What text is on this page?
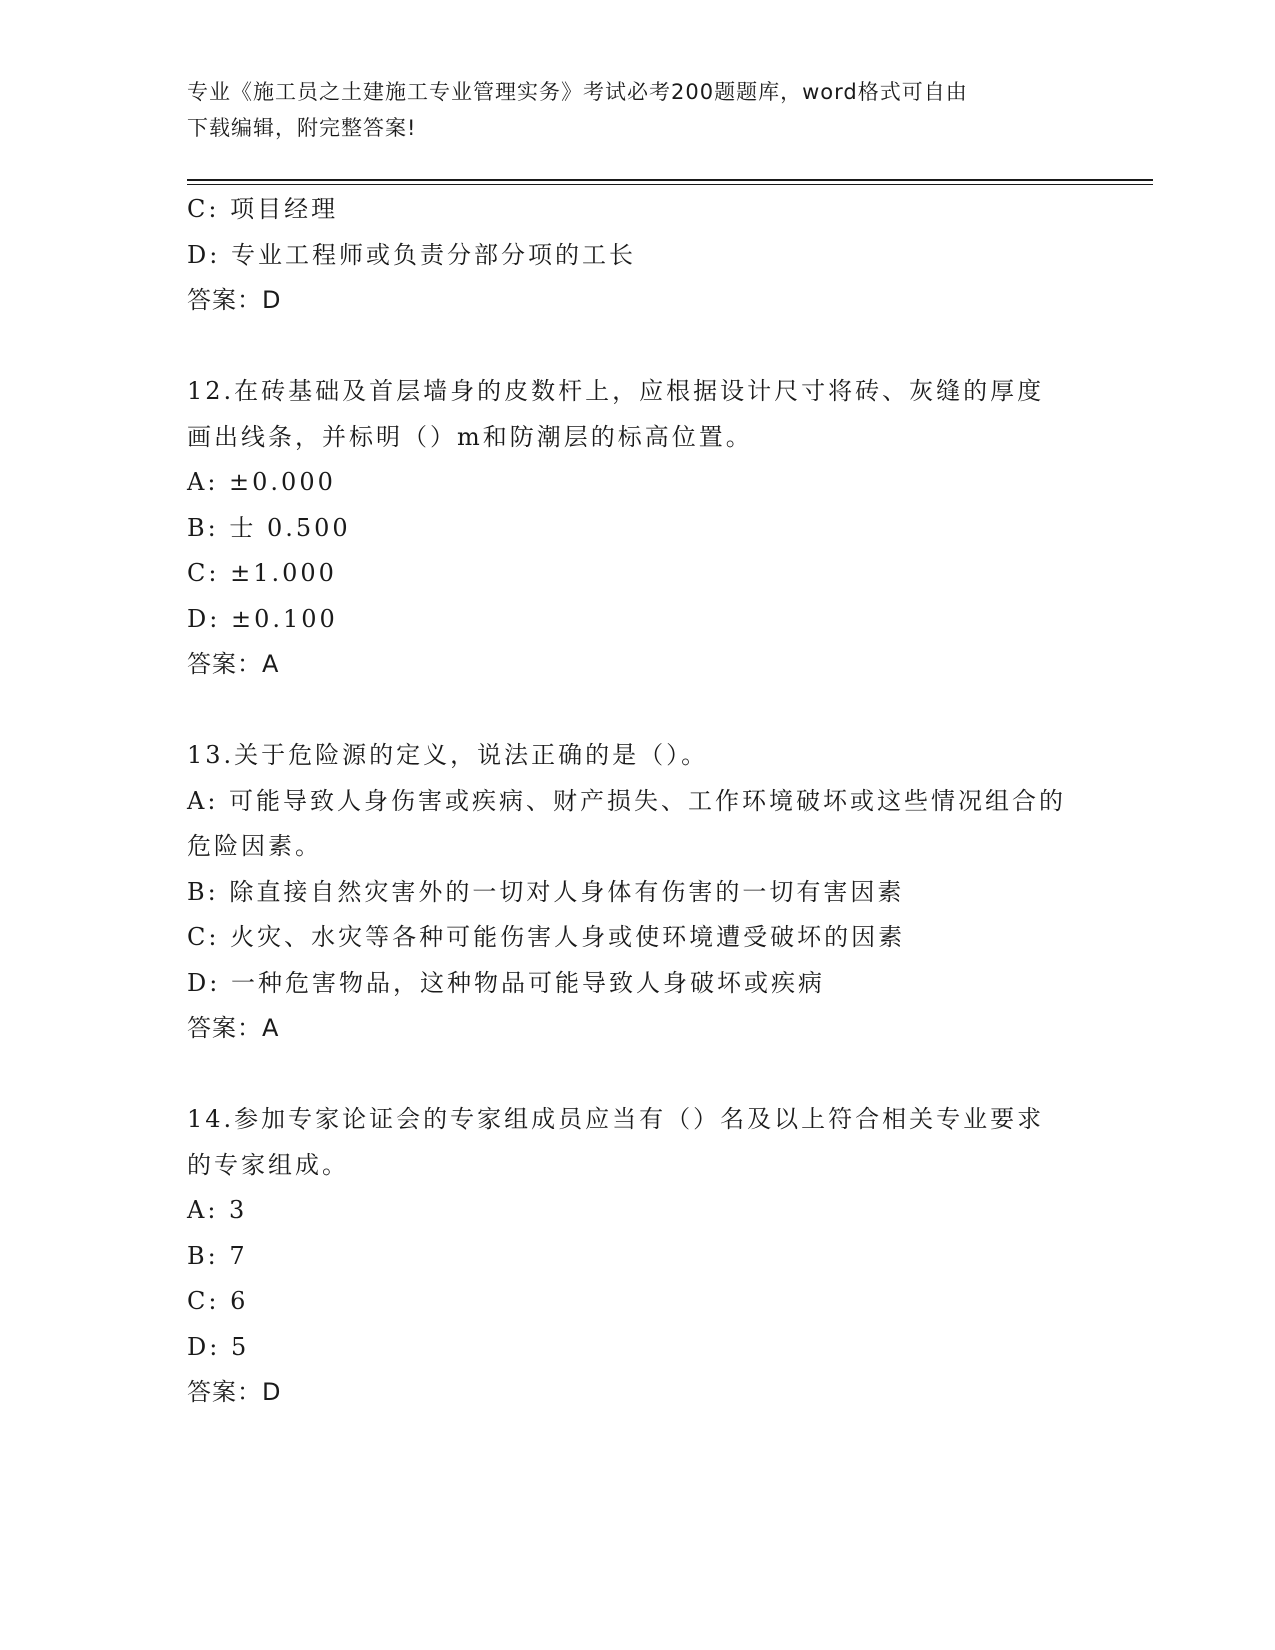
专业《施工员之土建施工专业管理实务》考试必考200题题库，word格式可自由
下载编辑，附完整答案!
C: 项目经理
D: 专业工程师或负责分部分项的工长
答案：D
12.在砖基础及首层墙身的皮数杆上，应根据设计尺寸将砖、灰缝的厚度画出线条，并标明（）m和防潮层的标高位置。
A: ±0.000
B: 士 0.500
C: ±1.000
D: ±0.100
答案：A
13.关于危险源的定义，说法正确的是（）。
A: 可能导致人身伤害或疾病、财产损失、工作环境破坏或这些情况组合的危险因素。
B: 除直接自然灾害外的一切对人身体有伤害的一切有害因素
C: 火灾、水灾等各种可能伤害人身或使环境遭受破坏的因素
D: 一种危害物品，这种物品可能导致人身破坏或疾病
答案：A
14.参加专家论证会的专家组成员应当有（）名及以上符合相关专业要求的专家组成。
A: 3
B: 7
C: 6
D: 5
答案：D
